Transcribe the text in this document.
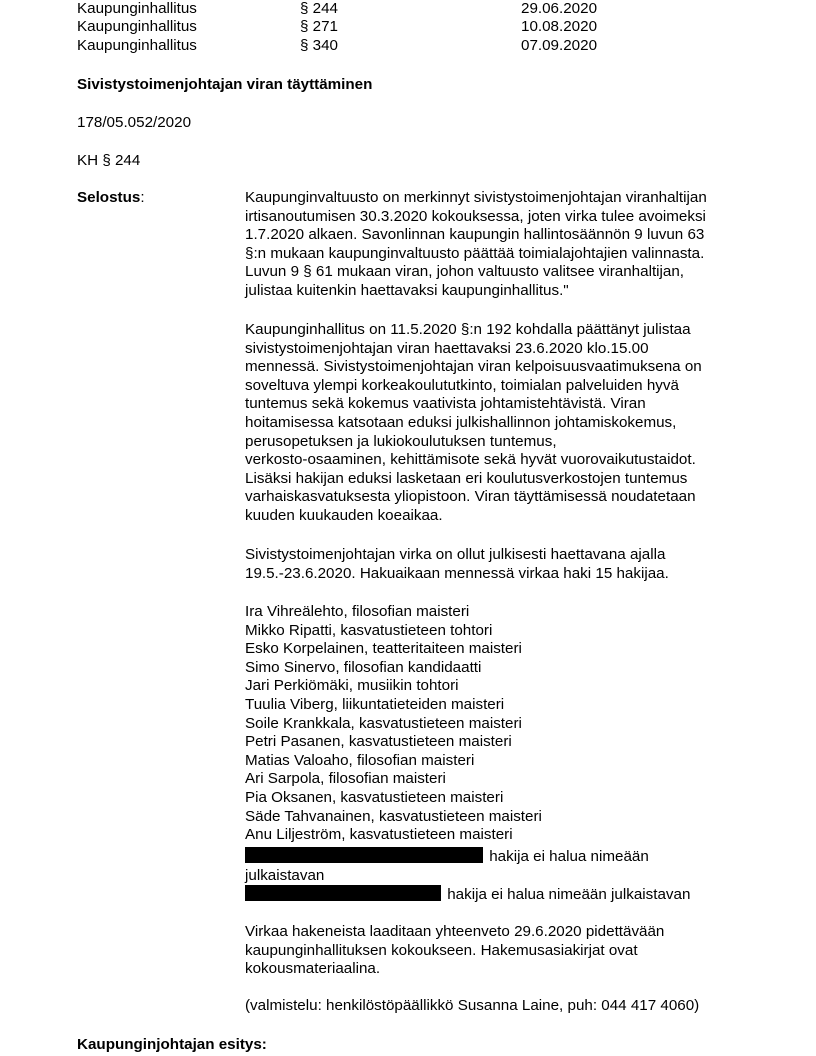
Kaupunginhallitus	§ 244	29.06.2020
Kaupunginhallitus	§ 271	10.08.2020
Kaupunginhallitus	§ 340	07.09.2020
Sivistystoimenjohtajan viran täyttäminen
178/05.052/2020
KH § 244
Selostus:	Kaupunginvaltuusto on merkinnyt sivistystoimenjohtajan viranhaltijan
irtisanoutumisen 30.3.2020 kokouksessa, joten virka tulee avoimeksi
1.7.2020 alkaen. Savonlinnan kaupungin hallintosäännön 9 luvun 63
§:n mukaan kaupunginvaltuusto päättää toimialajohtajien valinnasta.
Luvun 9 § 61 mukaan viran, johon valtuusto valitsee viranhaltijan,
julistaa kuitenkin haettavaksi kaupunginhallitus."
Kaupunginhallitus on 11.5.2020 §:n 192 kohdalla päättänyt julistaa
sivistystoimenjohtajan viran haettavaksi 23.6.2020 klo.15.00
mennessä. Sivistystoimenjohtajan viran kelpoisuusvaatimuksena on
soveltuva ylempi korkeakoulututkinto, toimialan palveluiden hyvä
tuntemus sekä kokemus vaativista johtamistehtävistä. Viran
hoitamisessa katsotaan eduksi julkishallinnon johtamiskokemus,
perusopetuksen ja lukiokoulutuksen tuntemus,
verkosto-osaaminen, kehittämisote sekä hyvät vuorovaikutustaidot.
Lisäksi hakijan eduksi lasketaan eri koulutusverkostojen tuntemus
varhaiskasvatuksesta yliopistoon. Viran täyttämisessä noudatetaan
kuuden kuukauden koeaikaa.
Sivistystoimenjohtajan virka on ollut julkisesti haettavana ajalla
19.5.-23.6.2020. Hakuaikaan mennessä virkaa haki 15 hakijaa.
Ira Vihreälehto, filosofian maisteri
Mikko Ripatti, kasvatustieteen tohtori
Esko Korpelainen, teatteritaiteen maisteri
Simo Sinervo, filosofian kandidaatti
Jari Perkiömäki, musiikin tohtori
Tuulia Viberg, liikuntatieteiden maisteri
Soile Krankkala, kasvatustieteen maisteri
Petri Pasanen, kasvatustieteen maisteri
Matias Valoaho, filosofian maisteri
Ari Sarpola, filosofian maisteri
Pia Oksanen, kasvatustieteen maisteri
Säde Tahvanainen, kasvatustieteen maisteri
Anu Liljeström, kasvatustieteen maisteri
hakija ei halua nimeään
julkaistavan
hakija ei halua nimeään julkaistavan
Virkaa hakeneista laaditaan yhteenveto 29.6.2020 pidettävään
kaupunginhallituksen kokoukseen. Hakemusasiakirjat ovat
kokousmateriaalina.
(valmistelu: henkilöstöpäällikkö Susanna Laine, puh: 044 417 4060)
Kaupunginjohtajan esitys:
